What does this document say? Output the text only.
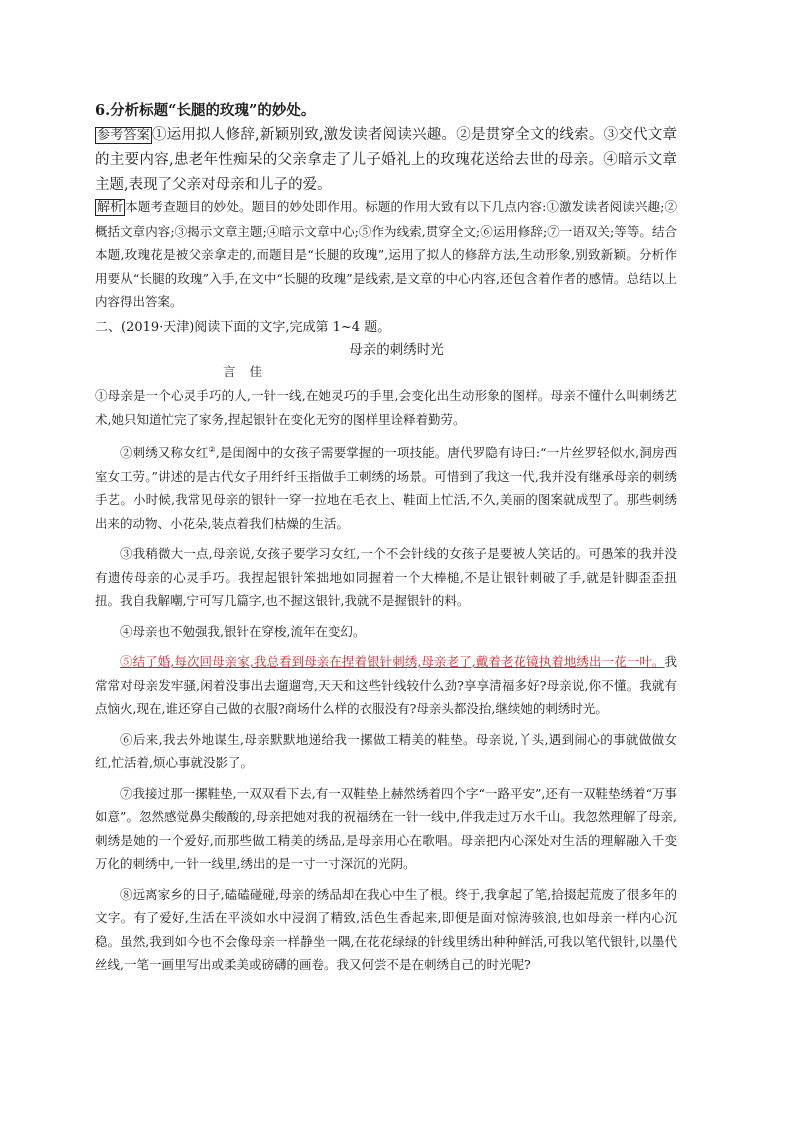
6.分析标题“长腿的玫瑰”的妙处。

参考答案 ①运用拟人修辞,新颖别致,激发读者阅读兴趣。②是贯穿全文的线索。③交代文章的主要内容,患老年性痴呆的父亲拿走了儿子婚礼上的玫瑰花送给去世的母亲。④暗示文章主题,表现了父亲对母亲和儿子的爱。

解析 本题考查题目的妙处。题目的妙处即作用。标题的作用大致有以下几点内容:①激发读者阅读兴趣;②概括文章内容;③揭示文章主题;④暗示文章中心;⑤作为线索,贯穿全文;⑥运用修辞;⑦一语双关;等等。结合本题,玫瑰花是被父亲拿走的,而题目是“长腿的玫瑰”,运用了拟人的修辞方法,生动形象,别致新颖。分析作用要从“长腿的玫瑰”入手,在文中“长腿的玫瑰”是线索,是文章的中心内容,还包含着作者的感情。总结以上内容得出答案。

二、(2019·天津)阅读下面的文字,完成第 1~4 题。

母亲的刺绣时光

言佳

①母亲是一个心灵手巧的人,一针一线,在她灵巧的手里,会变化出生动形象的图样。母亲不懂什么叫刺绣艺术,她只知道忙完了家务,捏起银针在变化无穷的图样里诠释着勤劳。

②刺绣又称女红②,是闺阁中的女孩子需要掌握的一项技能。唐代罗隐有诗曰:“一片丝罗轻似水,洞房西室女工劳。”讲述的是古代女子用纤纤玉指做手工刺绣的场景。可惜到了我这一代,我并没有继承母亲的刺绣手艺。小时候,我常见母亲的银针一穿一拉地在毛衣上、鞋面上忙活,不久,美丽的图案就成型了。那些刺绣出来的动物、小花朵,装点着我们枯燥的生活。

③我稍微大一点,母亲说,女孩子要学习女红,一个不会针线的女孩子是要被人笑话的。可愚笨的我并没有遗传母亲的心灵手巧。我捏起银针笨拙地如同握着一个大棒槌,不是让银针刺破了手,就是针脚歪歪扭扭。我自我解嘲,宁可写几篇字,也不握这银针,我就不是握银针的料。

④母亲也不勉强我,银针在穿梭,流年在变幻。

⑤结了婚,每次回母亲家,我总看到母亲在捏着银针刺绣,母亲老了,戴着老花镜执着地绣出一花一叶。我常常对母亲发牢骚,闲着没事出去遛遛弯,天天和这些针线较什么劲?享享清福多好?母亲说,你不懂。我就有点恼火,现在,谁还穿自己做的衣服?商场什么样的衣服没有?母亲头都没抬,继续她的刺绣时光。

⑥后来,我去外地谋生,母亲默默地递给我一摞做工精美的鞋垫。母亲说,丫头,遇到闹心的事就做做女红,忙活着,烦心事就没影了。

⑦我接过那一摞鞋垫,一双双看下去,有一双鞋垫上赫然绣着四个字“一路平安”,还有一双鞋垫绣着“万事如意”。忽然感觉鼻尖酸酸的,母亲把她对我的祝福绣在一针一线中,伴我走过万水千山。我忽然理解了母亲,刺绣是她的一个爱好,而那些做工精美的绣品,是母亲用心在歌唱。母亲把内心深处对生活的理解融入千变万化的刺绣中,一针一线里,绣出的是一寸一寸深沉的光阴。

⑧远离家乡的日子,磕磕碰碰,母亲的绣品却在我心中生了根。终于,我拿起了笔,拾掇起荒废了很多年的文字。有了爱好,生活在平淡如水中浸润了精致,活色生香起来,即便是面对惊涛骇浪,也如母亲一样内心沉稳。虽然,我到如今也不会像母亲一样静坐一隅,在花花绿绿的针线里绣出种种鲜活,可我以笔代银针,以墨代丝线,一笔一画里写出或柔美或磅礴的画卷。我又何尝不是在刺绣自己的时光呢?
